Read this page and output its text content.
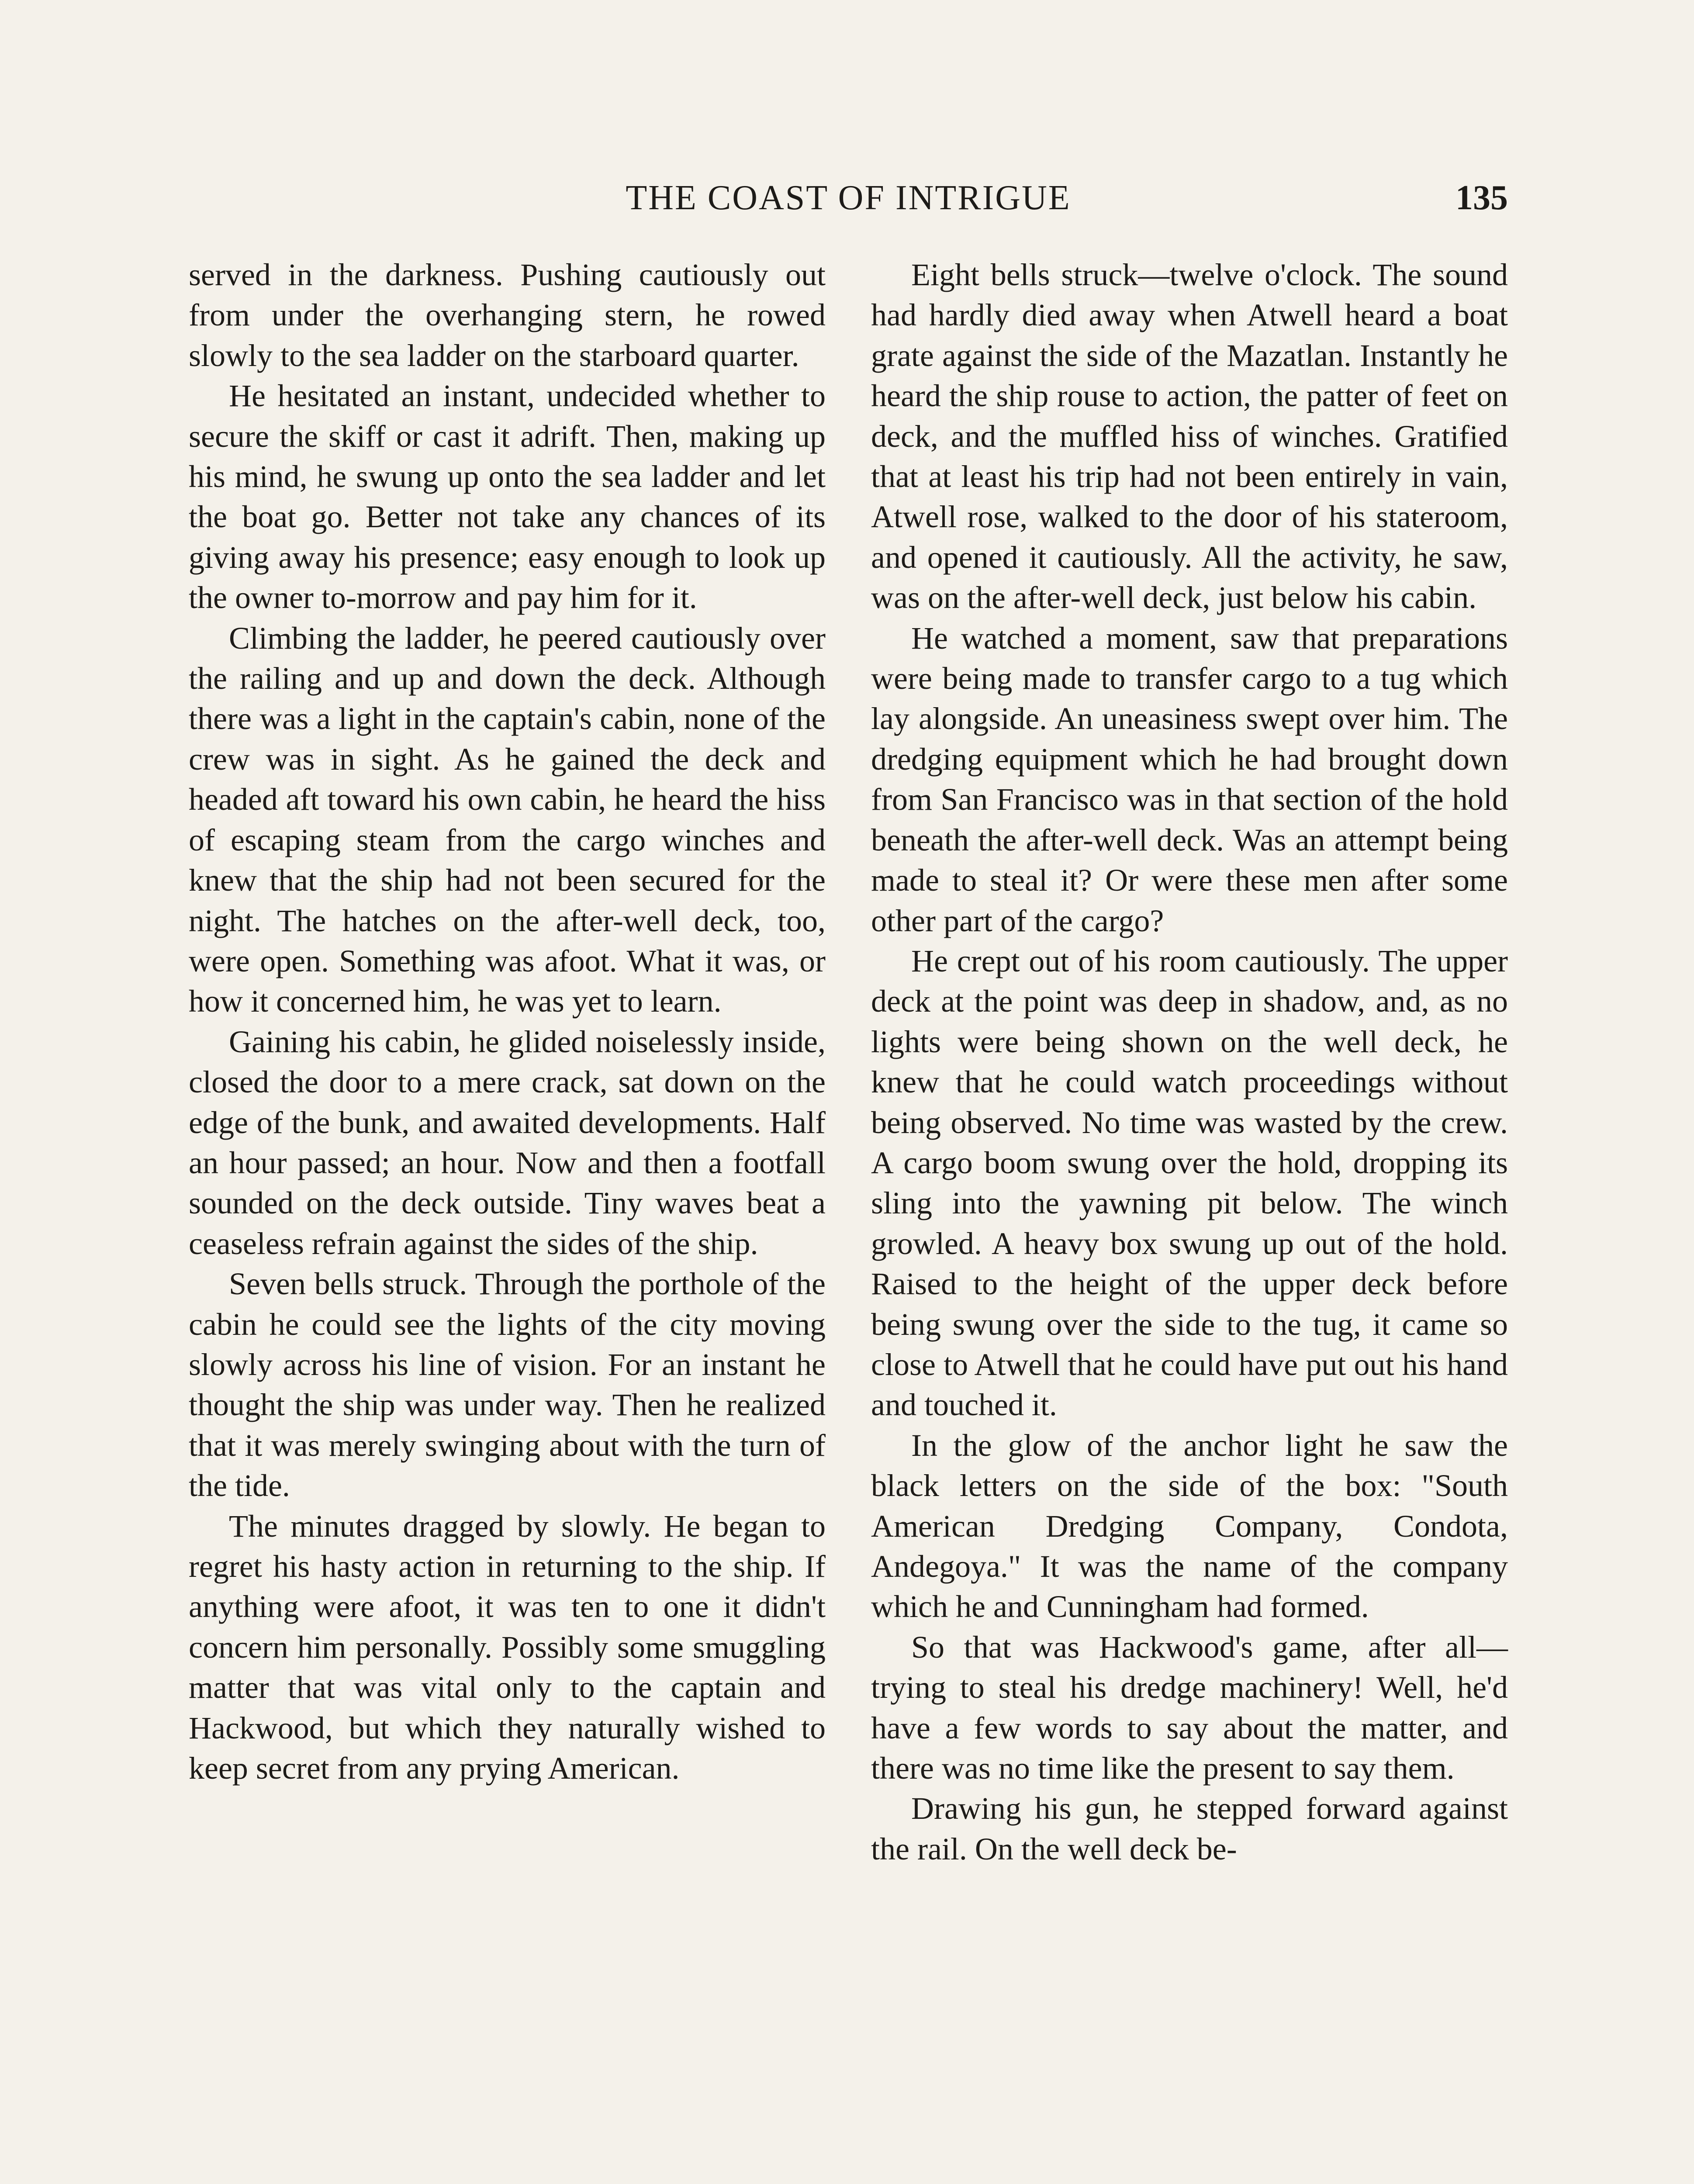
THE COAST OF INTRIGUE	135

served in the darkness. Pushing cautiously out from under the overhanging stern, he rowed slowly to the sea ladder on the starboard quarter.

He hesitated an instant, undecided whether to secure the skiff or cast it adrift. Then, making up his mind, he swung up onto the sea ladder and let the boat go. Better not take any chances of its giving away his presence; easy enough to look up the owner to-morrow and pay him for it.

Climbing the ladder, he peered cautiously over the railing and up and down the deck. Although there was a light in the captain's cabin, none of the crew was in sight. As he gained the deck and headed aft toward his own cabin, he heard the hiss of escaping steam from the cargo winches and knew that the ship had not been secured for the night. The hatches on the after-well deck, too, were open. Something was afoot. What it was, or how it concerned him, he was yet to learn.

Gaining his cabin, he glided noiselessly inside, closed the door to a mere crack, sat down on the edge of the bunk, and awaited developments. Half an hour passed; an hour. Now and then a footfall sounded on the deck outside. Tiny waves beat a ceaseless refrain against the sides of the ship.

Seven bells struck. Through the porthole of the cabin he could see the lights of the city moving slowly across his line of vision. For an instant he thought the ship was under way. Then he realized that it was merely swinging about with the turn of the tide.

The minutes dragged by slowly. He began to regret his hasty action in returning to the ship. If anything were afoot, it was ten to one it didn't concern him personally. Possibly some smuggling matter that was vital only to the captain and Hackwood, but which they naturally wished to keep secret from any prying American.

Eight bells struck—twelve o'clock. The sound had hardly died away when Atwell heard a boat grate against the side of the Mazatlan. Instantly he heard the ship rouse to action, the patter of feet on deck, and the muffled hiss of winches. Gratified that at least his trip had not been entirely in vain, Atwell rose, walked to the door of his stateroom, and opened it cautiously. All the activity, he saw, was on the after-well deck, just below his cabin.

He watched a moment, saw that preparations were being made to transfer cargo to a tug which lay alongside. An uneasiness swept over him. The dredging equipment which he had brought down from San Francisco was in that section of the hold beneath the after-well deck. Was an attempt being made to steal it? Or were these men after some other part of the cargo?

He crept out of his room cautiously. The upper deck at the point was deep in shadow, and, as no lights were being shown on the well deck, he knew that he could watch proceedings without being observed. No time was wasted by the crew. A cargo boom swung over the hold, dropping its sling into the yawning pit below. The winch growled. A heavy box swung up out of the hold. Raised to the height of the upper deck before being swung over the side to the tug, it came so close to Atwell that he could have put out his hand and touched it.

In the glow of the anchor light he saw the black letters on the side of the box: "South American Dredging Company, Condota, Andegoya." It was the name of the company which he and Cunningham had formed.

So that was Hackwood's game, after all—trying to steal his dredge machinery! Well, he'd have a few words to say about the matter, and there was no time like the present to say them.

Drawing his gun, he stepped forward against the rail. On the well deck be-
